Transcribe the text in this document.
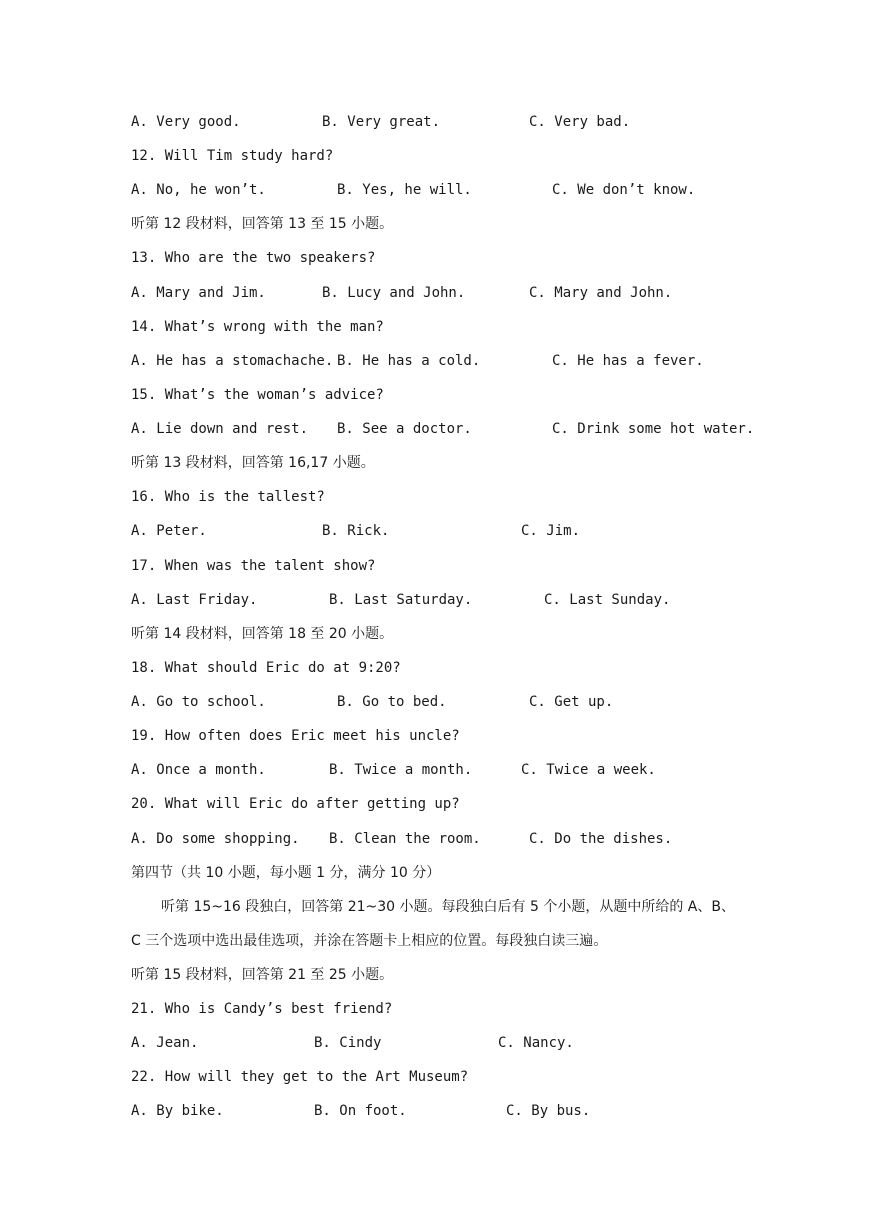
A. Very good.

	B. Very great.

	C. Very bad.

12. Will Tim study hard?

A. No, he won’t.

	B. Yes, he will.

	C. We don’t know.

听第 12 段材料，回答第 13 至 15 小题。
13. Who are the two speakers?

A. Mary and Jim.

	B. Lucy and John.

	C. Mary and John.

14. What’s wrong with the man?

A. He has a stomachache.

B. He has a cold.

	C. He has a fever.

15. What’s the woman’s advice?

A. Lie down and rest.

B. See a doctor.

	C. Drink some hot water.

听第 13 段材料，回答第 16,17 小题。
16. Who is the tallest?

A. Peter.

	B. Rick.

	C. Jim.

17. When was the talent show?

A. Last Friday.

	B. Last Saturday.

	C. Last Sunday.

听第 14 段材料，回答第 18 至 20 小题。
18. What should Eric do at 9:20?

A. Go to school.

	B. Go to bed.

	C. Get up.

19. How often does Eric meet his uncle?

A. Once a month.

	B. Twice a month.

	C. Twice a week.

20. What will Eric do after getting up?

A. Do some shopping.

B. Clean the room.

	C. Do the dishes.

第四节（共 10 小题，每小题 1 分，满分 10 分）
听第 15~16 段独白，回答第 21~30 小题。每段独白后有 5 个小题，从题中所给的 A、B、
C 三个选项中选出最佳选项，并涂在答题卡上相应的位置。每段独白读三遍。
听第 15 段材料，回答第 21 至 25 小题。
21. Who is Candy’s best friend?

A. Jean.

	B. Cindy

	C. Nancy.

22. How will they get to the Art Museum?

A. By bike.

	B. On foot.

	C. By bus.
